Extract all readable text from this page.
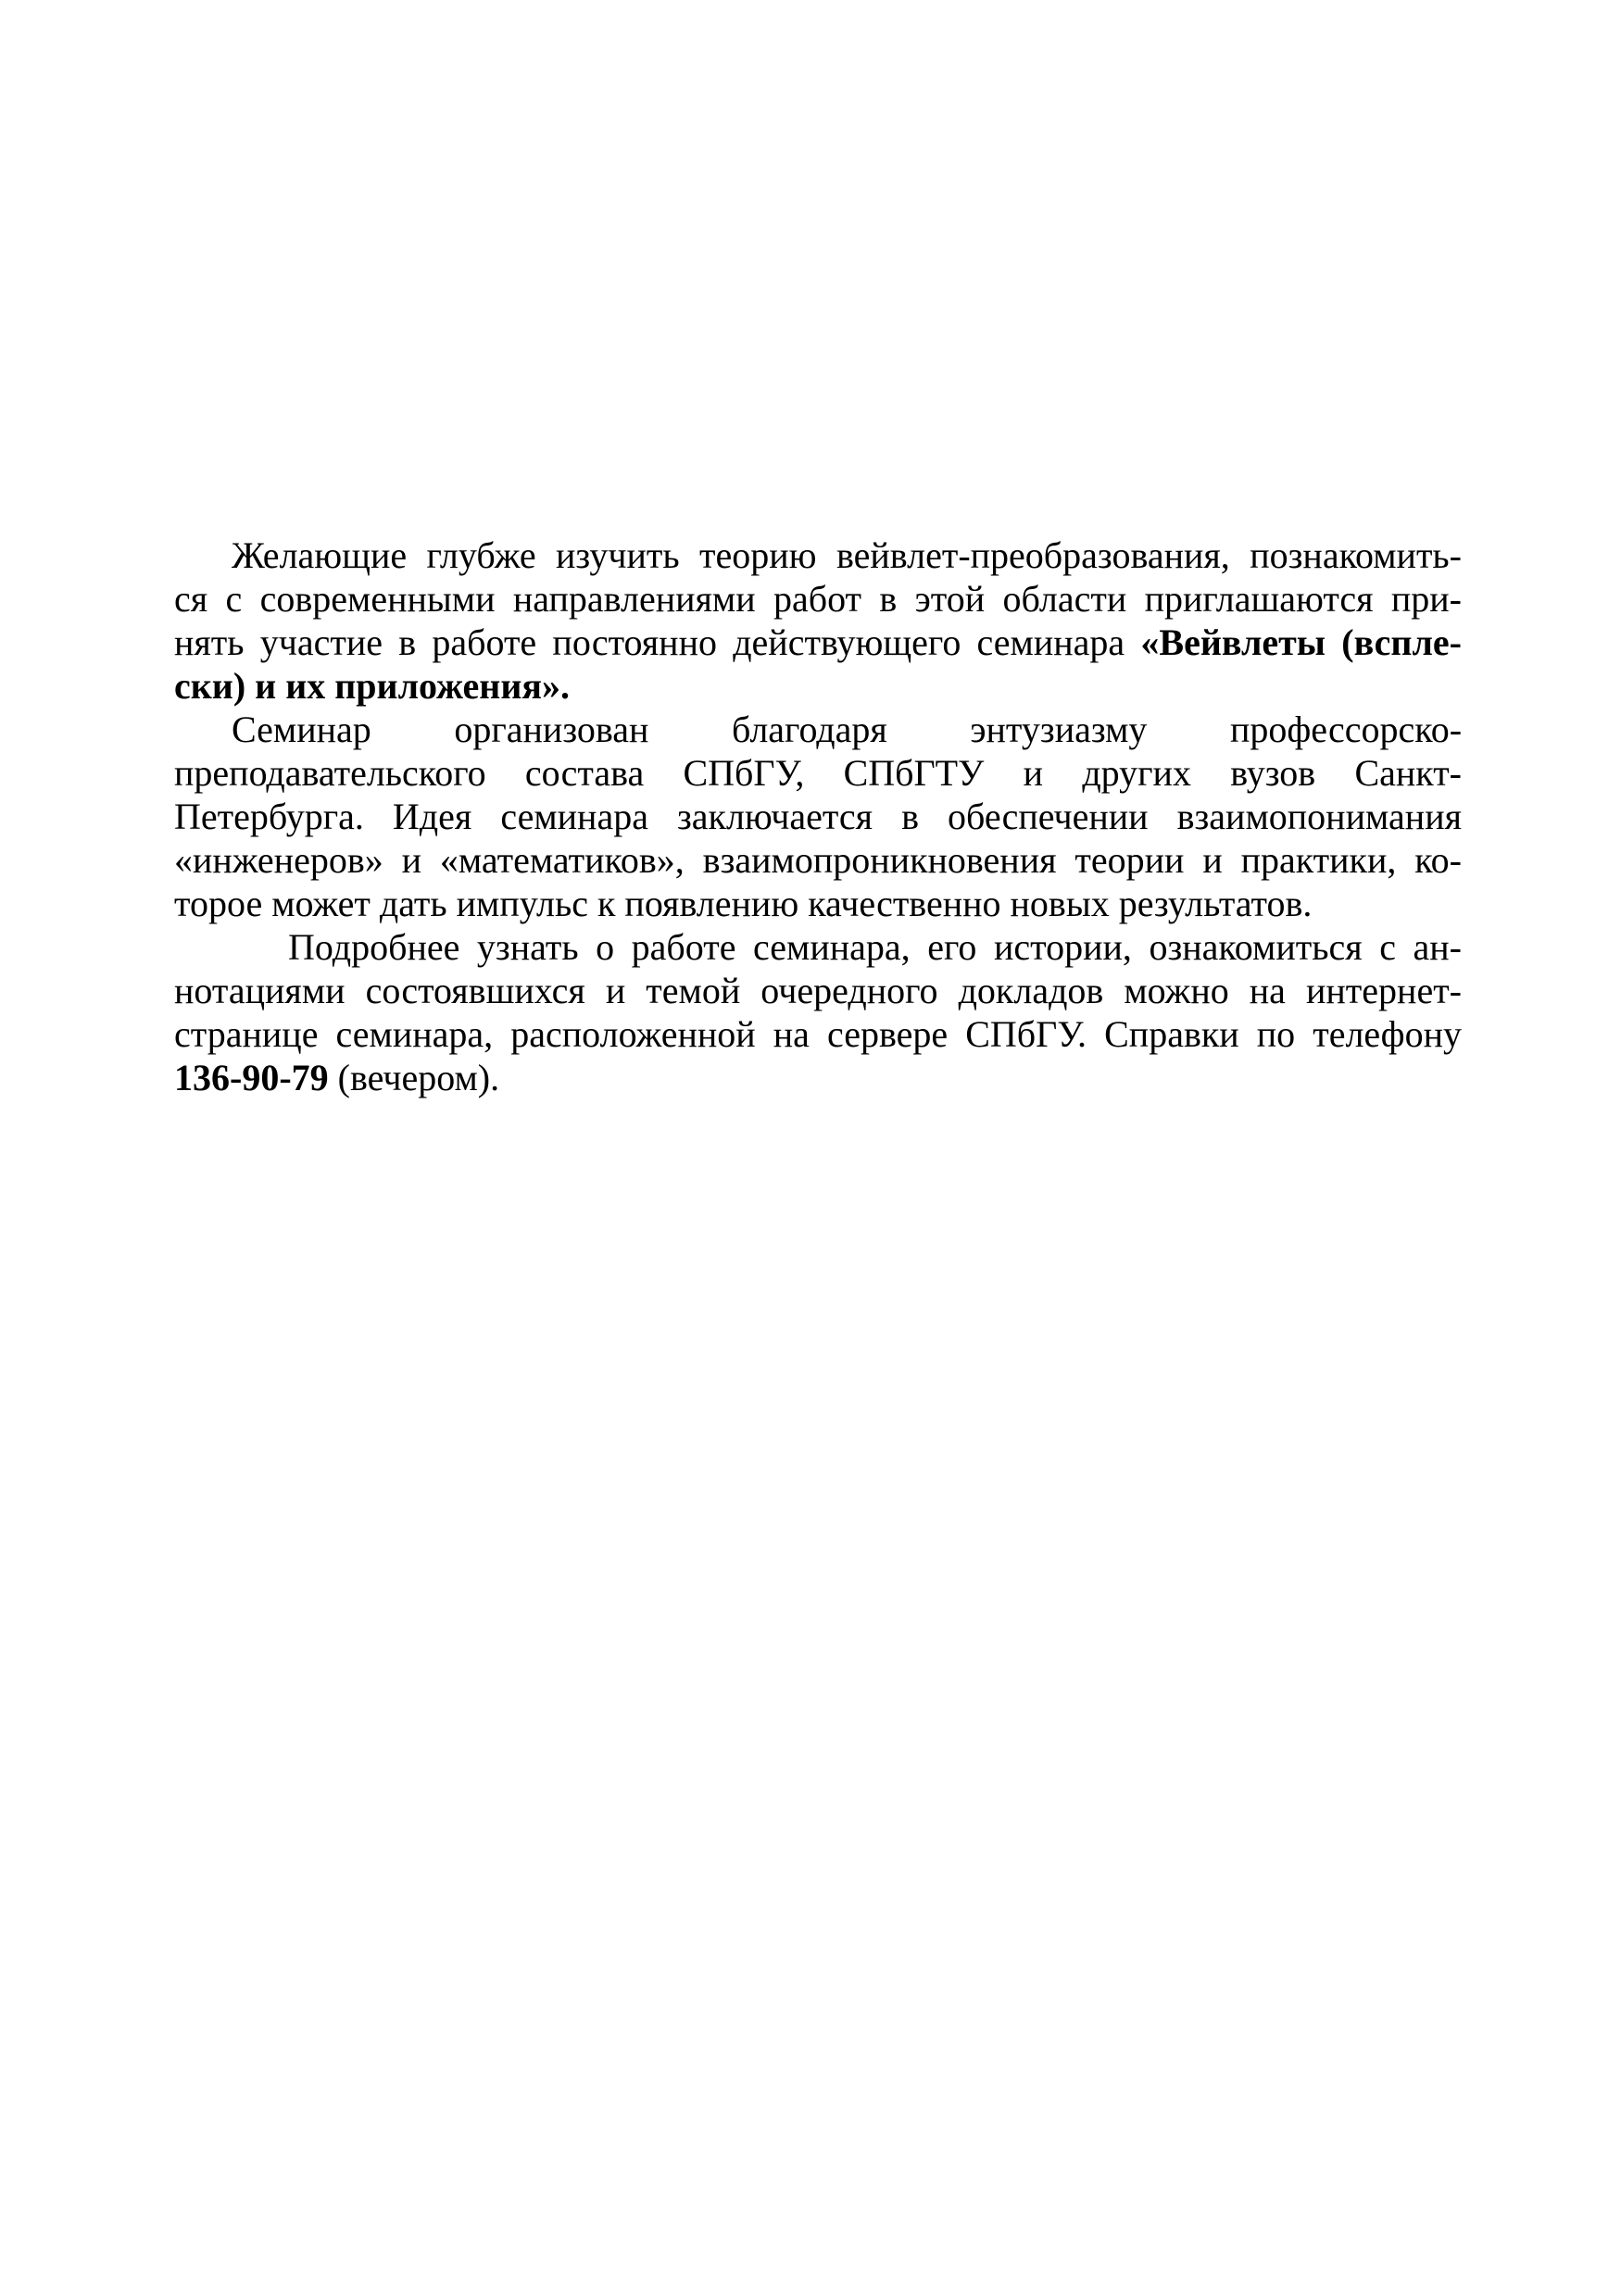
Желающие глубже изучить теорию вейвлет-преобразования, познакомить-
ся с современными направлениями работ в этой области приглашаются при-
нять участие в работе постоянно действующего семинара «Вейвлеты (всплe-
ски) и их приложения».
Семинар организован благодаря энтузиазму профессорско-
преподавательского состава СПбГУ, СПбГТУ и других вузов Санкт-
Петербурга. Идея семинара заключается в обеспечении взаимопонимания
«инженеров» и «математиков», взаимопроникновения теории и практики, ко-
торое может дать импульс к появлению качественно новых результатов.
Подробнее узнать о работе семинара, его истории, ознакомиться с ан-
нотациями состоявшихся и темой очередного докладов можно на интернет-
странице семинара, расположенной на сервере СПбГУ. Справки по телефону
136-90-79 (вечером).
